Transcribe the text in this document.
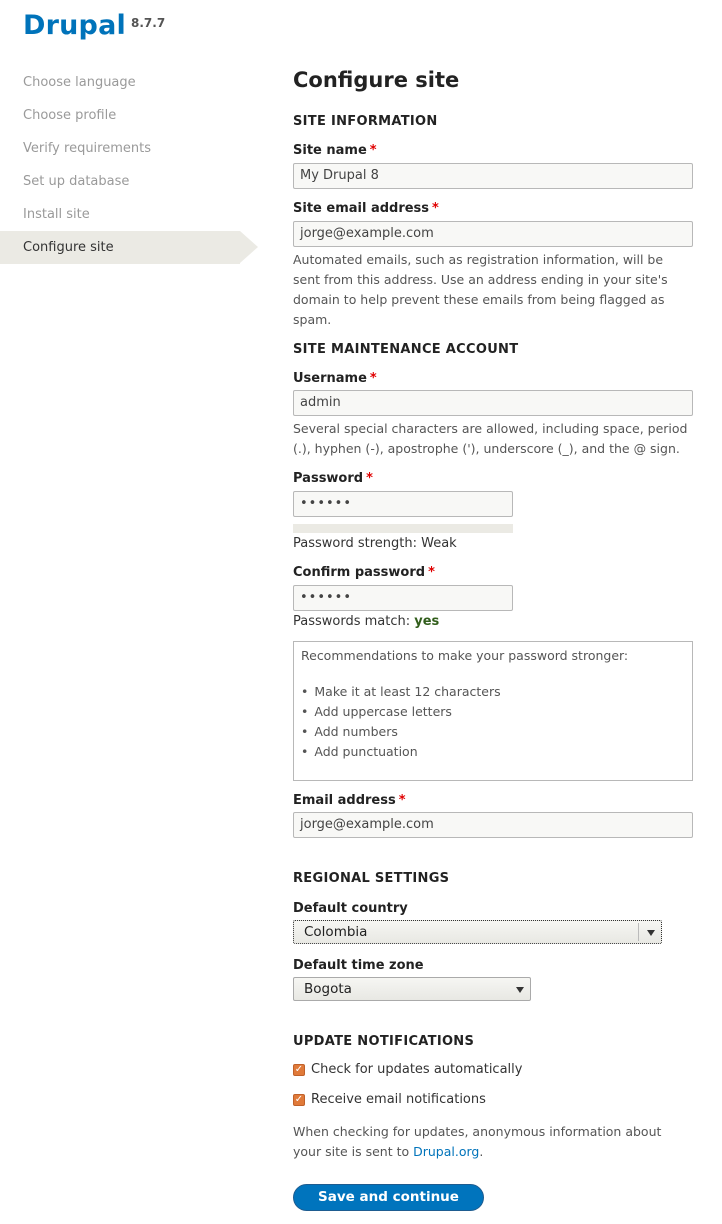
Drupal 8.7.7
Choose language
Choose profile
Verify requirements
Set up database
Install site
Configure site
Configure site
SITE INFORMATION
Site name *
My Drupal 8
Site email address *
jorge@example.com
Automated emails, such as registration information, will be sent from this address. Use an address ending in your site's domain to help prevent these emails from being flagged as spam.
SITE MAINTENANCE ACCOUNT
Username *
admin
Several special characters are allowed, including space, period (.), hyphen (-), apostrophe ('), underscore (_), and the @ sign.
Password *
••••••
Password strength: Weak
Confirm password *
••••••
Passwords match: yes
Recommendations to make your password stronger:
• Make it at least 12 characters
• Add uppercase letters
• Add numbers
• Add punctuation
Email address *
jorge@example.com
REGIONAL SETTINGS
Default country
Colombia
Default time zone
Bogota
UPDATE NOTIFICATIONS
✓ Check for updates automatically
✓ Receive email notifications
When checking for updates, anonymous information about your site is sent to Drupal.org.
Save and continue
